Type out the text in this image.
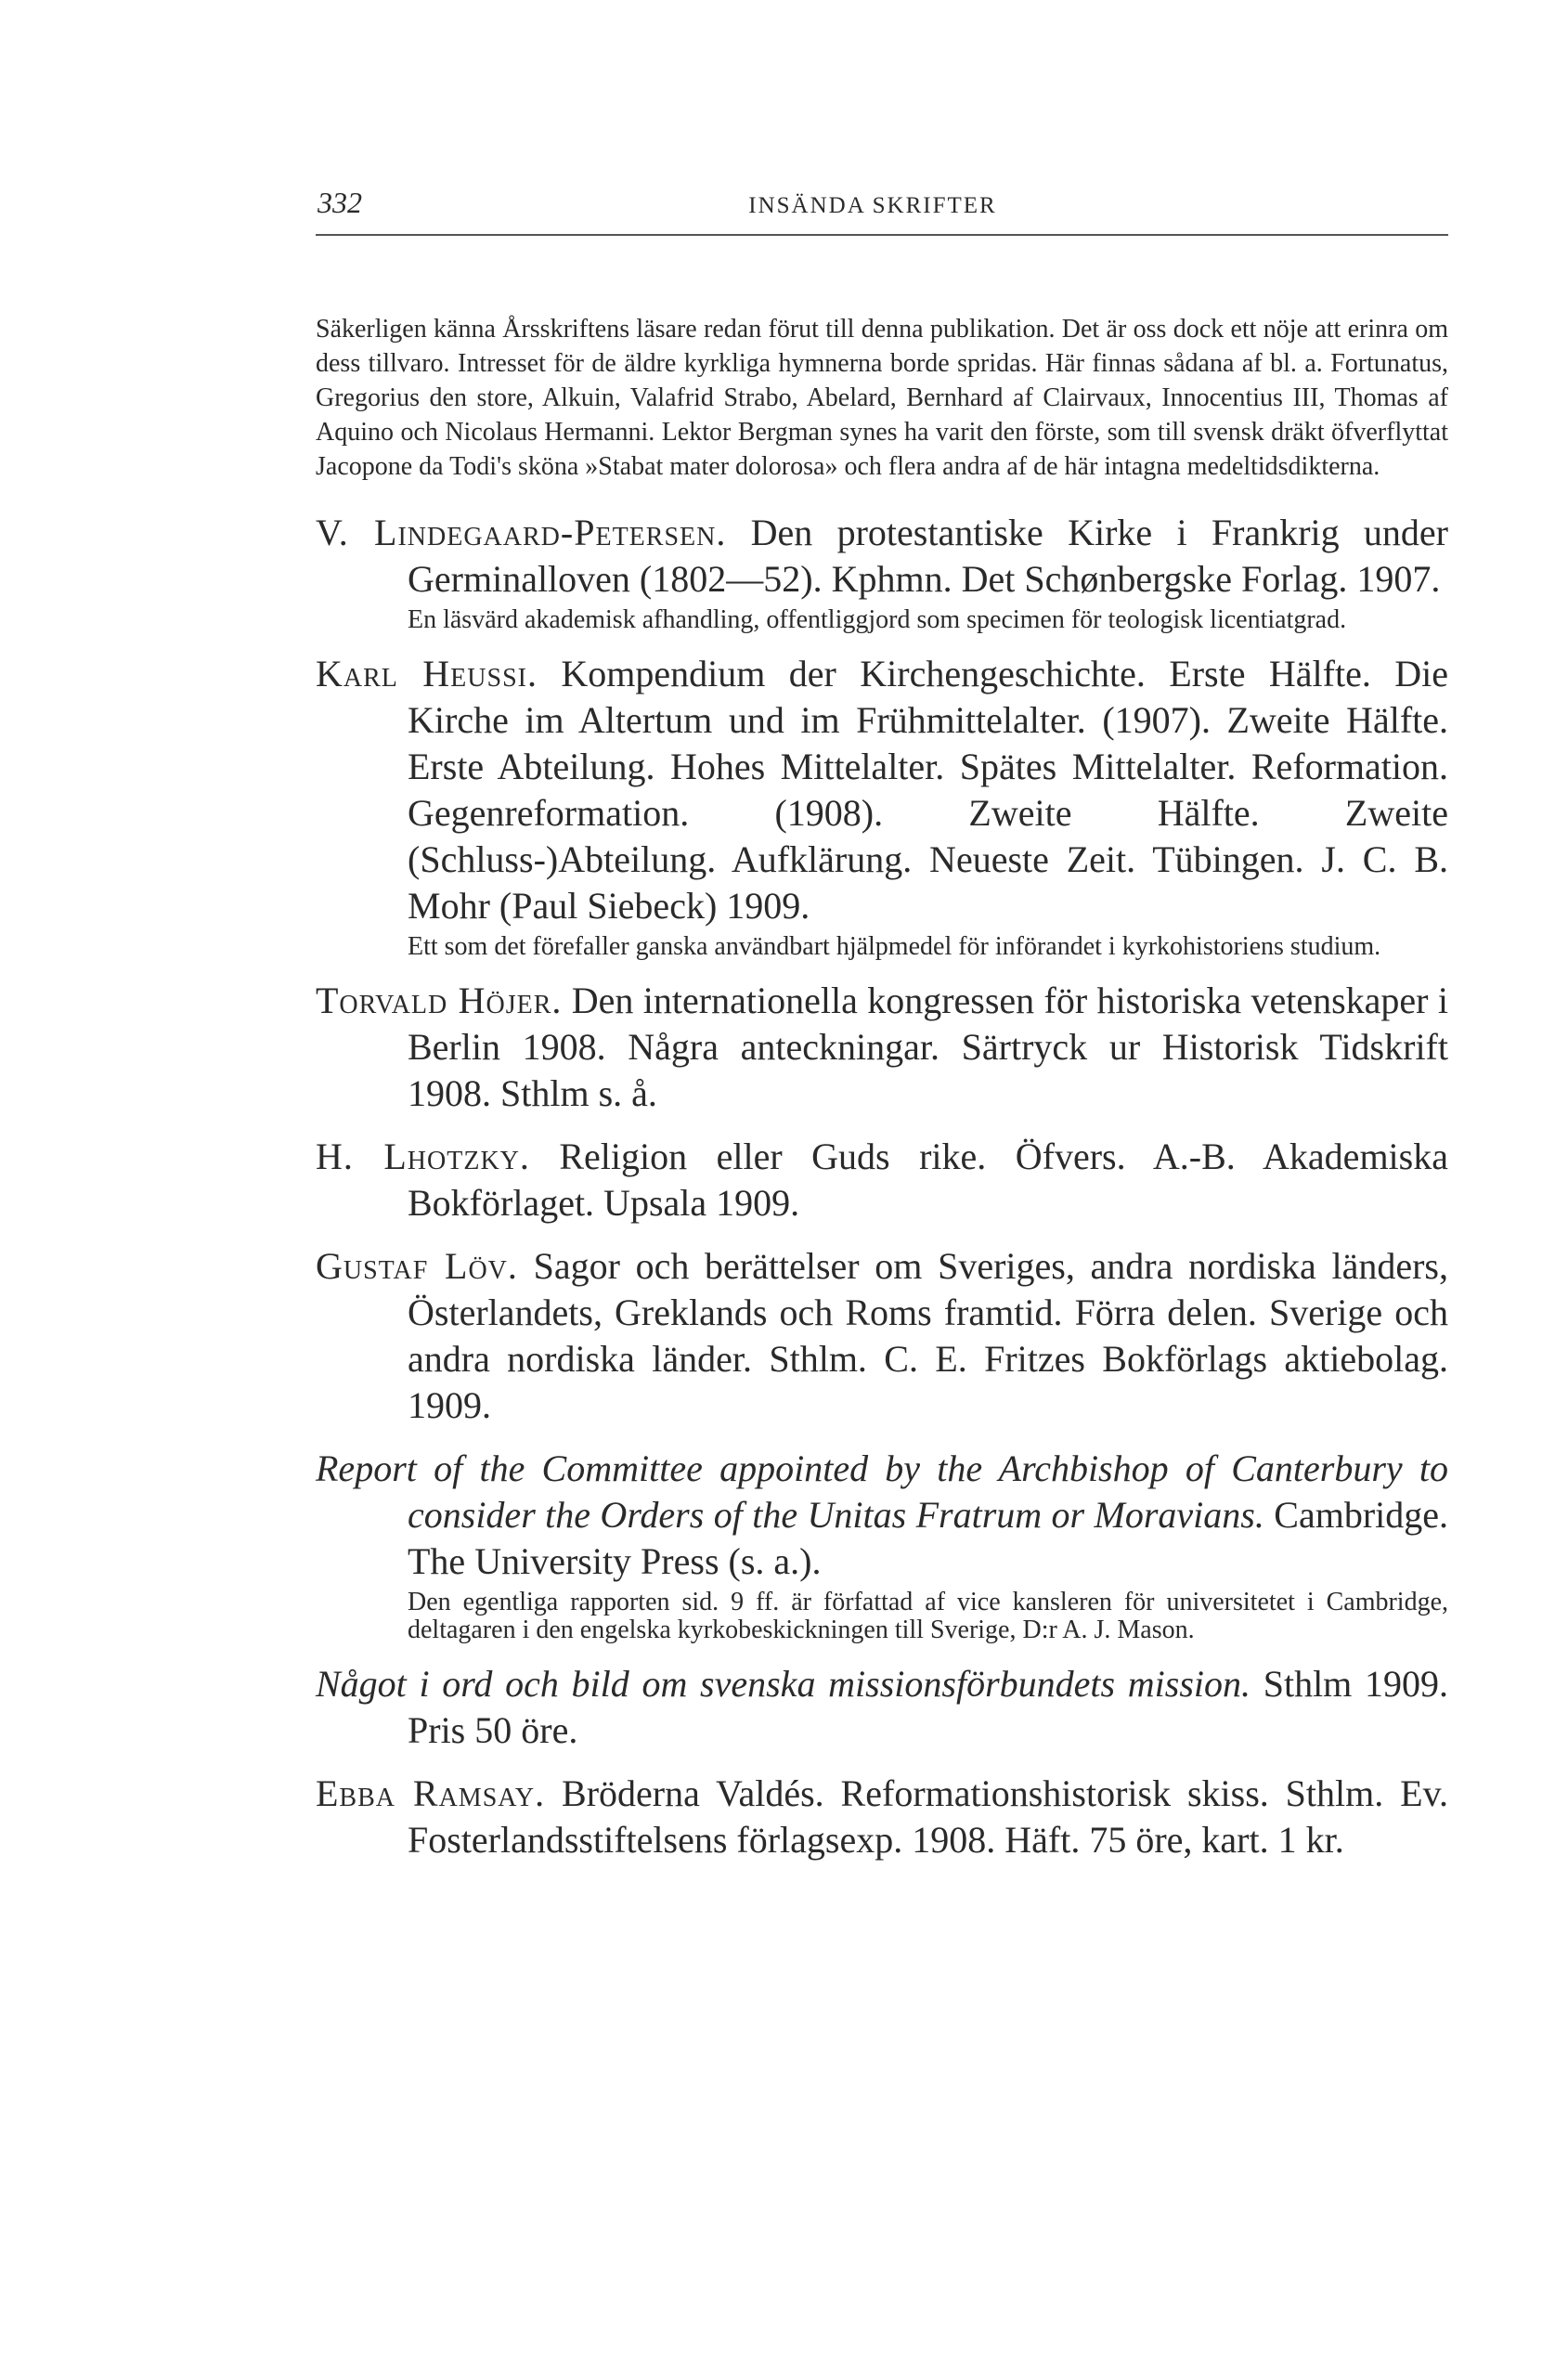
332	INSÄNDA SKRIFTER

Säkerligen känna Årsskriftens läsare redan förut till denna publikation. Det är oss dock ett nöje att erinra om dess tillvaro. Intresset för de äldre kyrkliga hymnerna borde spridas. Här finnas sådana af bl. a. Fortunatus, Gregorius den store, Alkuin, Valafrid Strabo, Abelard, Bernhard af Clairvaux, Innocentius III, Thomas af Aquino och Nicolaus Hermanni. Lektor Bergman synes ha varit den förste, som till svensk dräkt öfverflyttat Jacopone da Todi's sköna »Stabat mater dolorosa» och flera andra af de här intagna medeltidsdikterna.

V. Lindegaard-Petersen. Den protestantiske Kirke i Frankrig under Germinalloven (1802—52). Kphmn. Det Schønbergske Forlag. 1907.
En läsvärd akademisk afhandling, offentliggjord som specimen för teologisk licentiatgrad.
Karl Heussi. Kompendium der Kirchengeschichte. Erste Hälfte. Die Kirche im Altertum und im Frühmittelalter. (1907). Zweite Hälfte. Erste Abteilung. Hohes Mittelalter. Spätes Mittelalter. Reformation. Gegenreformation. (1908). Zweite Hälfte. Zweite (Schluss-)Abteilung. Aufklärung. Neueste Zeit. Tübingen. J. C. B. Mohr (Paul Siebeck) 1909.
Ett som det förefaller ganska användbart hjälpmedel för införandet i kyrkohistoriens studium.
Torvald Höjer. Den internationella kongressen för historiska vetenskaper i Berlin 1908. Några anteckningar. Särtryck ur Historisk Tidskrift 1908. Sthlm s. å.
H. Lhotzky. Religion eller Guds rike. Öfvers. A.-B. Akademiska Bokförlaget. Upsala 1909.
Gustaf Löv. Sagor och berättelser om Sveriges, andra nordiska länders, Österlandets, Greklands och Roms framtid. Förra delen. Sverige och andra nordiska länder. Sthlm. C. E. Fritzes Bokförlags aktiebolag. 1909.
Report of the Committee appointed by the Archbishop of Canterbury to consider the Orders of the Unitas Fratrum or Moravians. Cambridge. The University Press (s. a.).
Den egentliga rapporten sid. 9 ff. är författad af vice kansleren för universitetet i Cambridge, deltagaren i den engelska kyrkobeskickningen till Sverige, D:r A. J. Mason.
Något i ord och bild om svenska missionsförbundets mission. Sthlm 1909. Pris 50 öre.
Ebba Ramsay. Bröderna Valdés. Reformationshistorisk skiss. Sthlm. Ev. Fosterlandsstiftelsens förlagsexp. 1908. Häft. 75 öre, kart. 1 kr.
